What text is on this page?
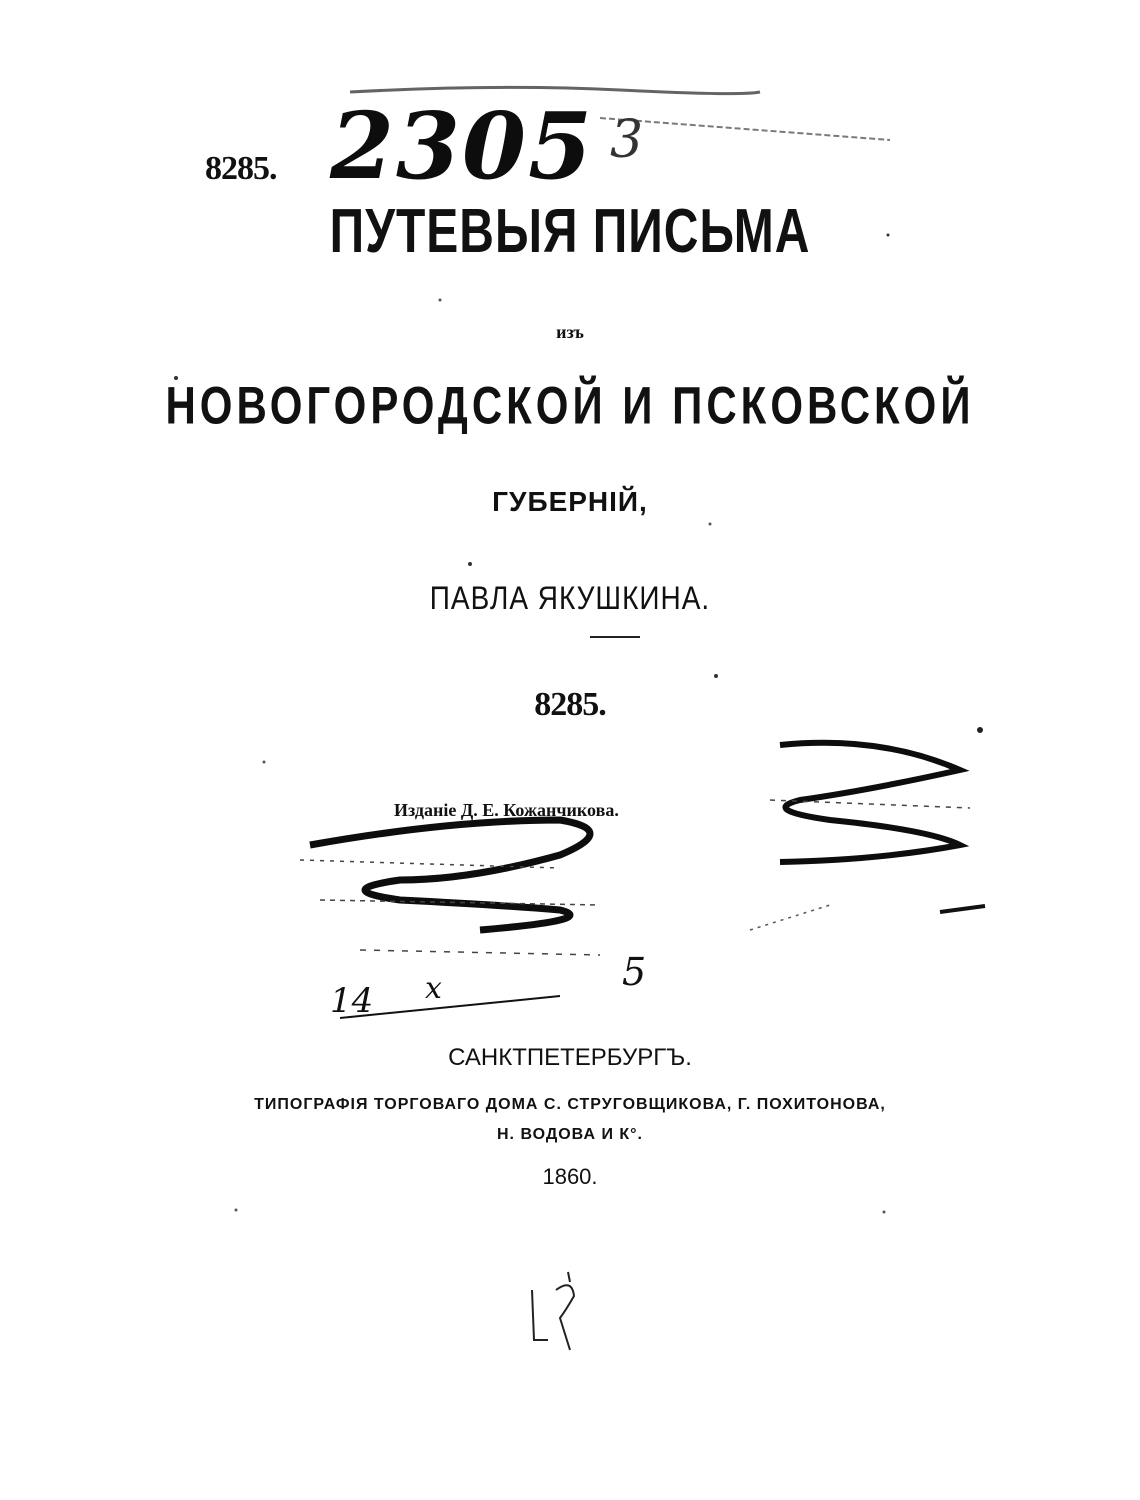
14 x	5
8285. 2305 3
ПУТЕВЫЯ ПИСЬМА
изъ
НОВОГОРОДСКОЙ И ПСКОВСКОЙ
ГУБЕРНІЙ,
ПАВЛА ЯКУШКИНА.
8285.
Изданіе Д. Е. Кожанчикова.
САНКТПЕТЕРБУРГЪ.
ТИПОГРАФІЯ ТОРГОВАГО ДОМА С. СТРУГОВЩИКОВА, Г. ПОХИТОНОВА,
Н. ВОДОВА И К°.
1860.
